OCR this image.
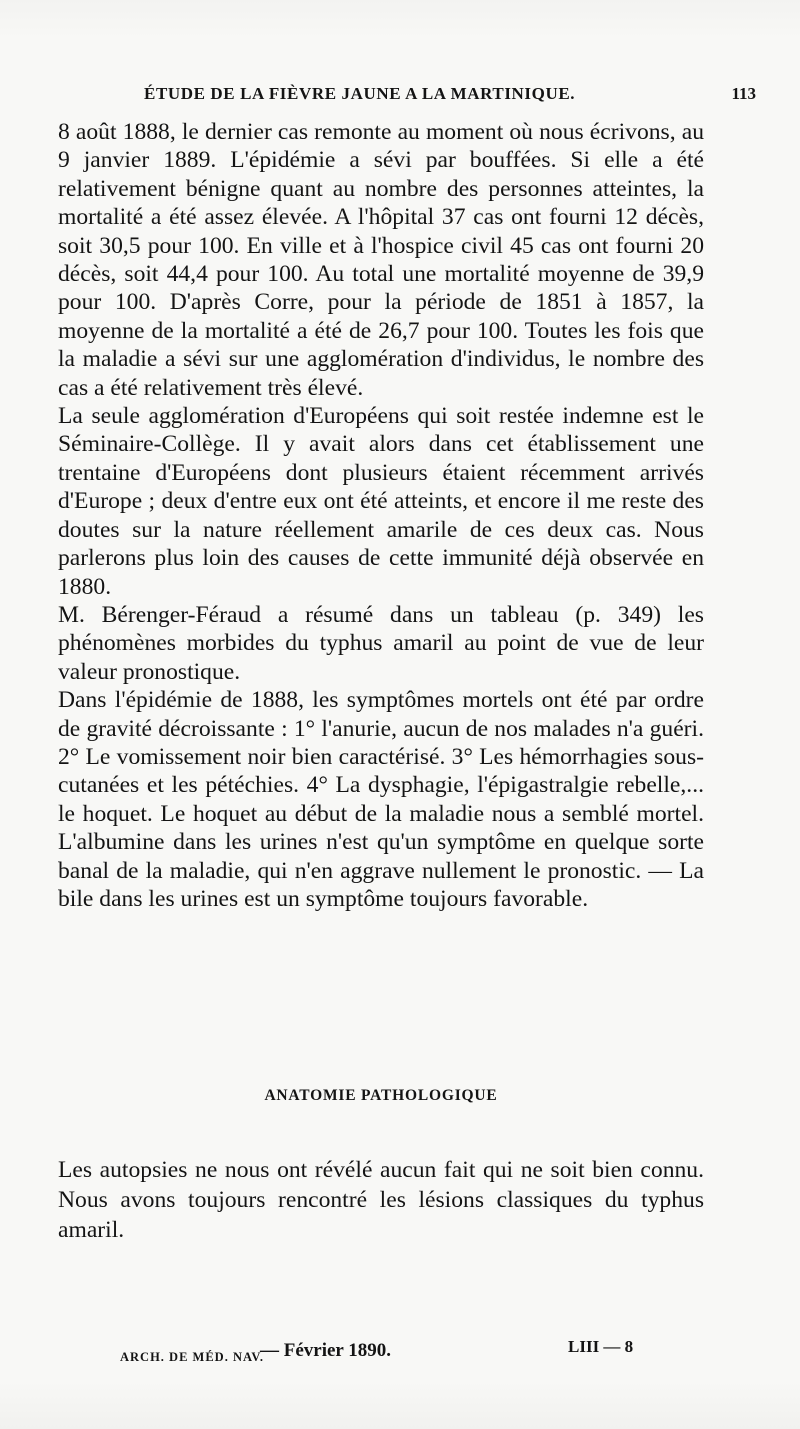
ÉTUDE DE LA FIÈVRE JAUNE A LA MARTINIQUE.	113

8 août 1888, le dernier cas remonte au moment où nous écrivons, au 9 janvier 1889. L'épidémie a sévi par bouffées. Si elle a été relativement bénigne quant au nombre des personnes atteintes, la mortalité a été assez élevée. A l'hôpital 37 cas ont fourni 12 décès, soit 30,5 pour 100. En ville et à l'hospice civil 45 cas ont fourni 20 décès, soit 44,4 pour 100. Au total une mortalité moyenne de 39,9 pour 100. D'après Corre, pour la période de 1851 à 1857, la moyenne de la mortalité a été de 26,7 pour 100. Toutes les fois que la maladie a sévi sur une agglomération d'individus, le nombre des cas a été relativement très élevé.

La seule agglomération d'Européens qui soit restée indemne est le Séminaire-Collège. Il y avait alors dans cet établissement une trentaine d'Européens dont plusieurs étaient récemment arrivés d'Europe ; deux d'entre eux ont été atteints, et encore il me reste des doutes sur la nature réellement amarile de ces deux cas. Nous parlerons plus loin des causes de cette immunité déjà observée en 1880.

M. Bérenger-Féraud a résumé dans un tableau (p. 349) les phénomènes morbides du typhus amaril au point de vue de leur valeur pronostique.

Dans l'épidémie de 1888, les symptômes mortels ont été par ordre de gravité décroissante : 1° l'anurie, aucun de nos malades n'a guéri. 2° Le vomissement noir bien caractérisé. 3° Les hémorrhagies sous-cutanées et les pétéchies. 4° La dysphagie, l'épigastralgie rebelle,... le hoquet. Le hoquet au début de la maladie nous a semblé mortel. L'albumine dans les urines n'est qu'un symptôme en quelque sorte banal de la maladie, qui n'en aggrave nullement le pronostic. — La bile dans les urines est un symptôme toujours favorable.

ANATOMIE PATHOLOGIQUE

Les autopsies ne nous ont révélé aucun fait qui ne soit bien connu. Nous avons toujours rencontré les lésions classiques du typhus amaril.

ARCH. DE MÉD. NAV.
— Février 1890.	LIII — 8
